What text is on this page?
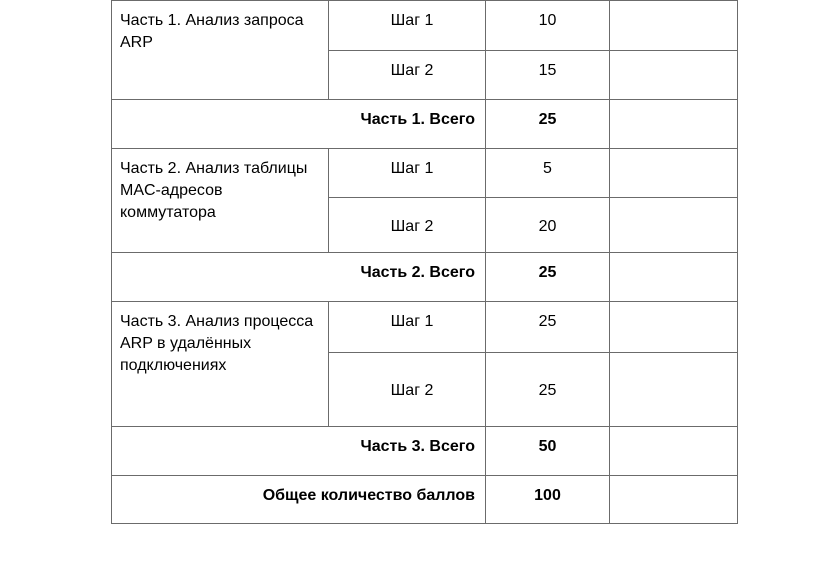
Часть 1. Анализ запроса ARP	Шаг 1	10	
	Шаг 2	15	
Часть 1. Всего		25	
Часть 2. Анализ таблицы MAC-адресов коммутатора	Шаг 1	5	
	Шаг 2	20	
Часть 2. Всего		25	
Часть 3. Анализ процесса ARP в удалённых подключениях	Шаг 1	25	
	Шаг 2	25	
Часть 3. Всего		50	
Общее количество баллов		100	
